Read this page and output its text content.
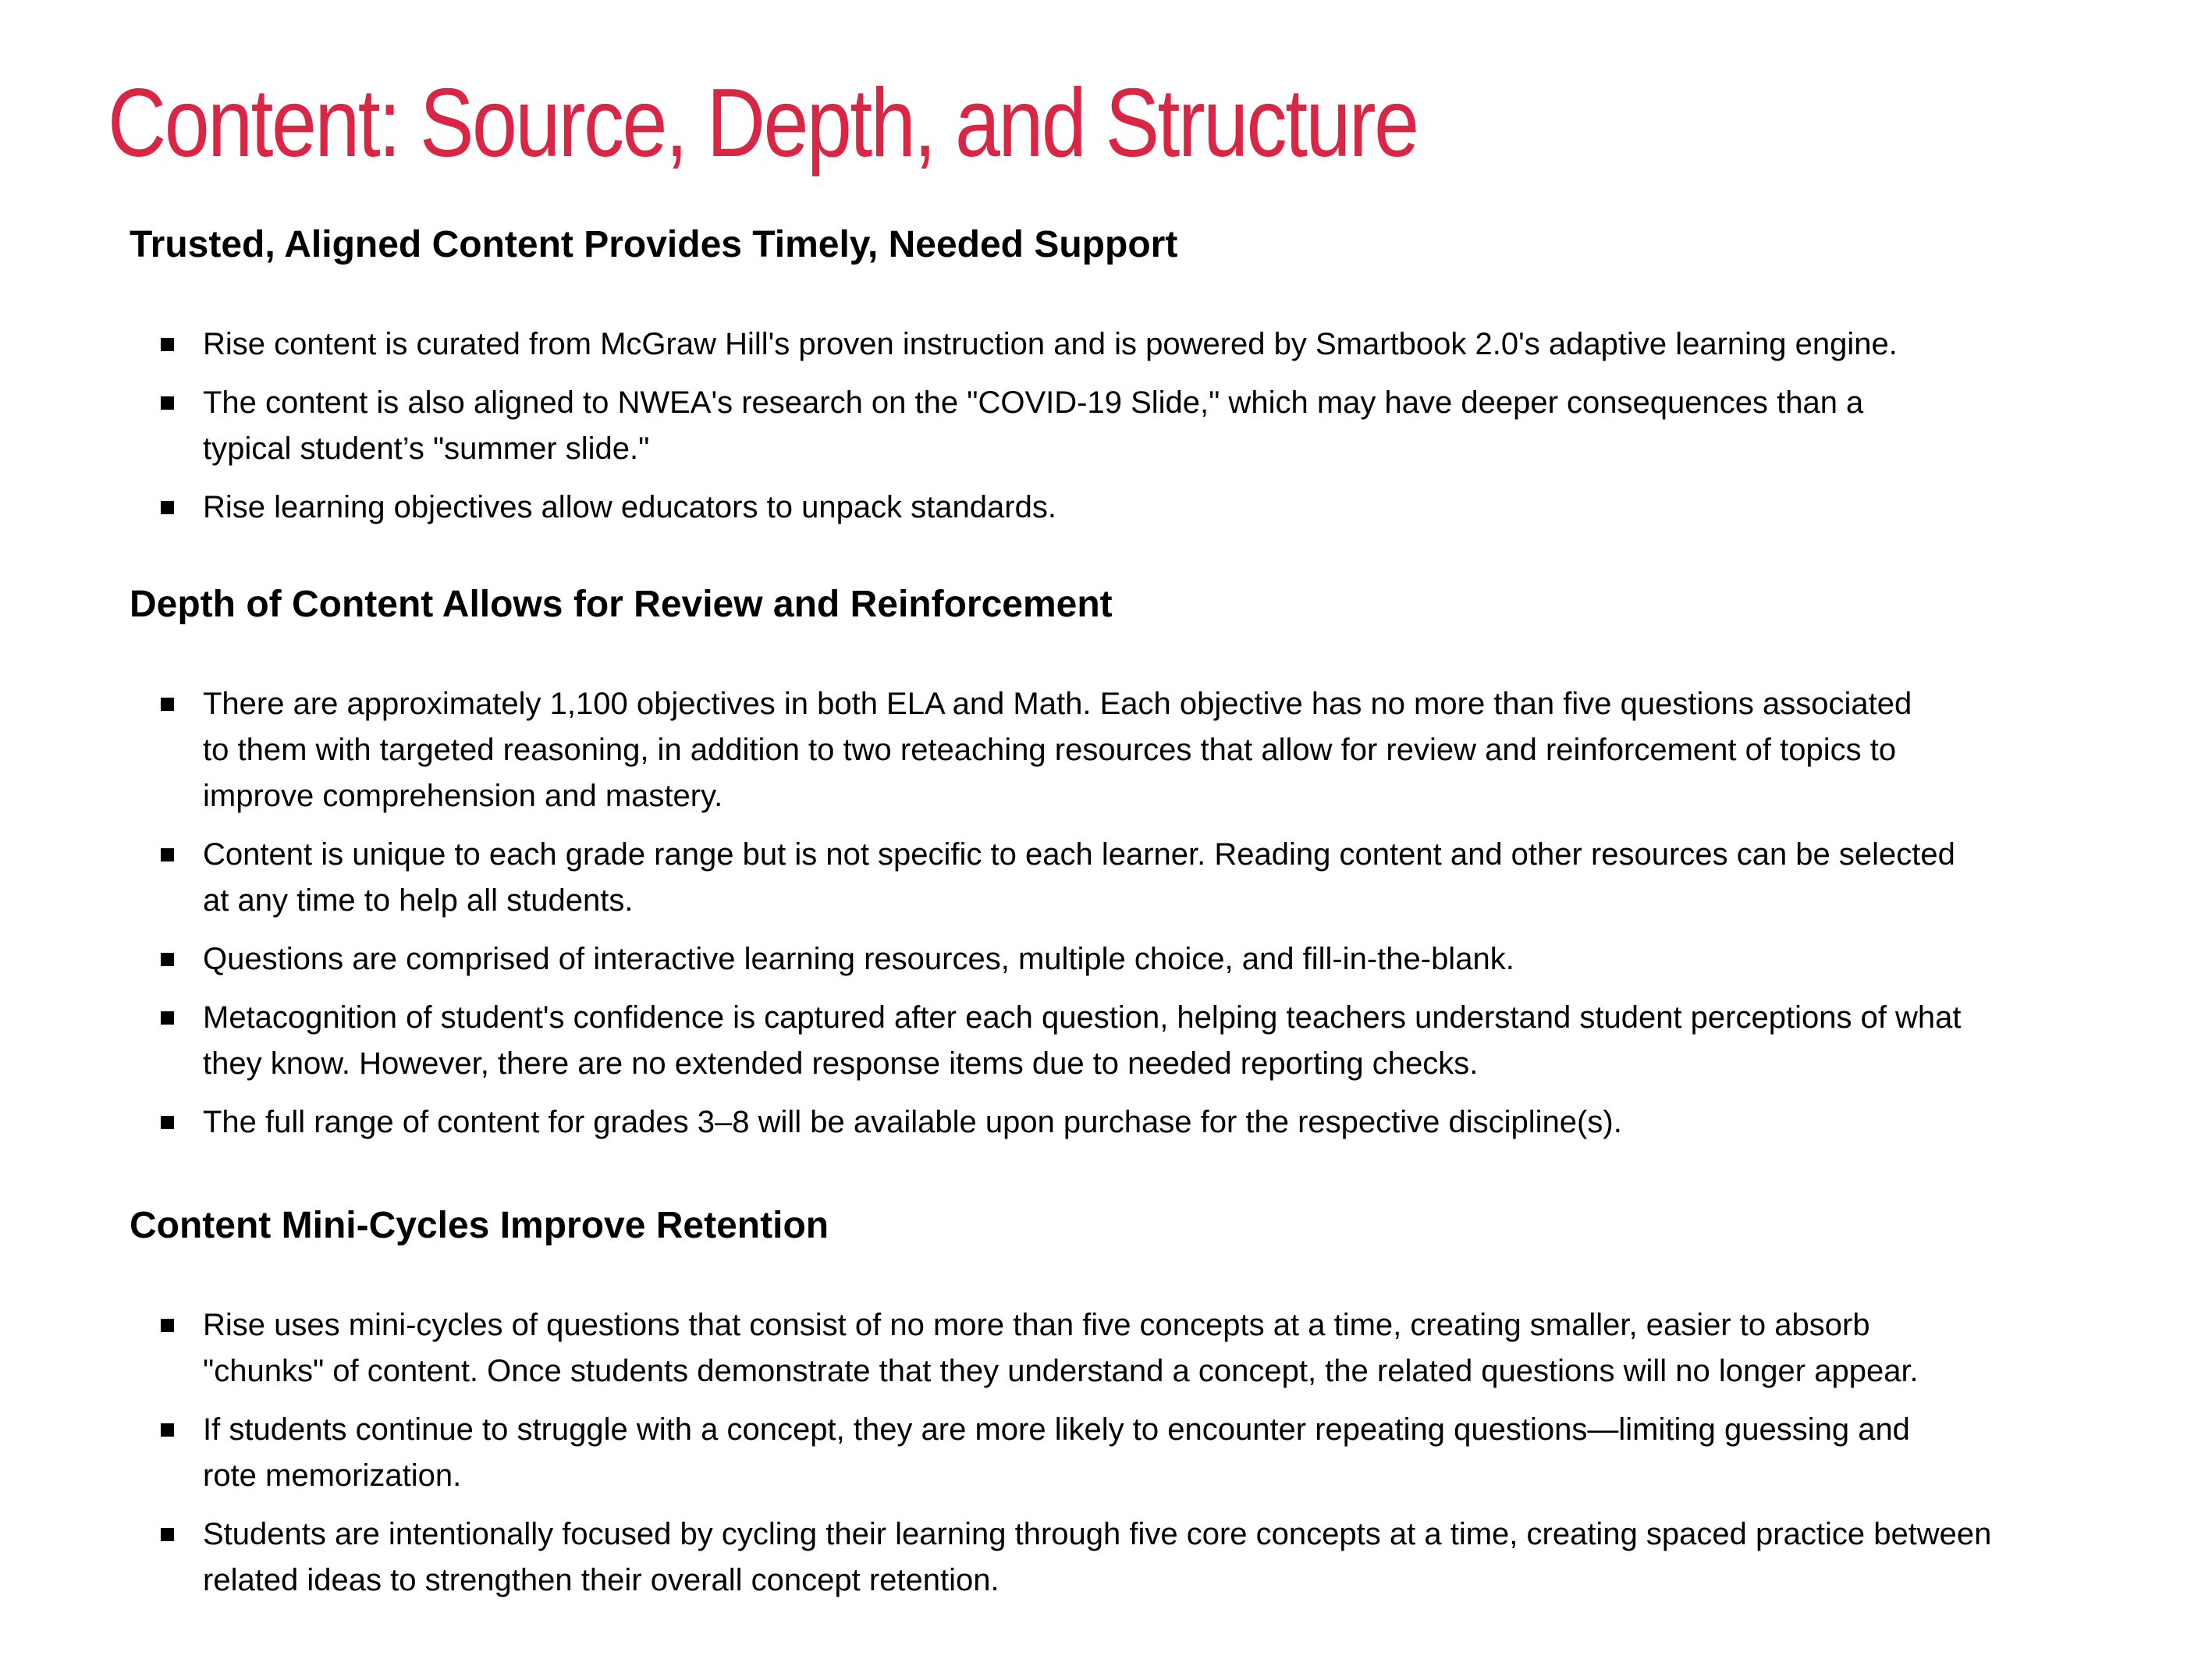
Content: Source, Depth, and Structure
Trusted, Aligned Content Provides Timely, Needed Support
Rise content is curated from McGraw Hill's proven instruction and is powered by Smartbook 2.0's adaptive learning engine.
The content is also aligned to NWEA's research on the "COVID-19 Slide," which may have deeper consequences than a
typical student’s "summer slide."
Rise learning objectives allow educators to unpack standards.
Depth of Content Allows for Review and Reinforcement
There are approximately 1,100 objectives in both ELA and Math. Each objective has no more than five questions associated
to them with targeted reasoning, in addition to two reteaching resources that allow for review and reinforcement of topics to
improve comprehension and mastery.
Content is unique to each grade range but is not specific to each learner. Reading content and other resources can be selected
at any time to help all students.
Questions are comprised of interactive learning resources, multiple choice, and fill-in-the-blank.
Metacognition of student's confidence is captured after each question, helping teachers understand student perceptions of what
they know. However, there are no extended response items due to needed reporting checks.
The full range of content for grades 3–8 will be available upon purchase for the respective discipline(s).
Content Mini-Cycles Improve Retention
Rise uses mini-cycles of questions that consist of no more than five concepts at a time, creating smaller, easier to absorb
"chunks" of content. Once students demonstrate that they understand a concept, the related questions will no longer appear.
If students continue to struggle with a concept, they are more likely to encounter repeating questions—limiting guessing and
rote memorization.
Students are intentionally focused by cycling their learning through five core concepts at a time, creating spaced practice between
related ideas to strengthen their overall concept retention.
